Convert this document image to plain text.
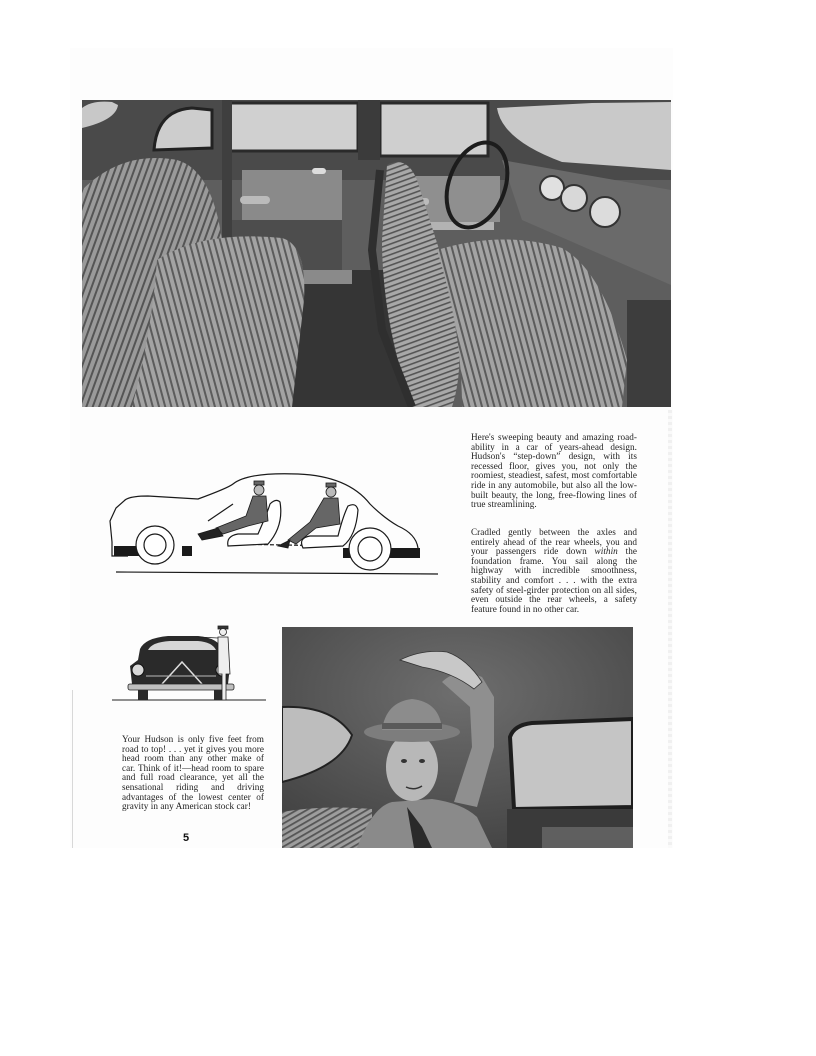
Here's sweeping beauty and amazing road-ability in a car of years-ahead design. Hudson's “step-down” design, with its recessed floor, gives you, not only the roomiest, steadiest, safest, most comfortable ride in any automobile, but also all the low-built beauty, the long, free-flowing lines of true streamlining.
Cradled gently between the axles and entirely ahead of the rear wheels, you and your passengers ride down within the foundation frame. You sail along the highway with incredible smoothness, stability and comfort . . . with the extra safety of steel-girder protection on all sides, even outside the rear wheels, a safety feature found in no other car.
Your Hudson is only five feet from road to top! . . . yet it gives you more head room than any other make of car. Think of it!—head room to spare and full road clearance, yet all the sensational riding and driving advantages of the lowest center of gravity in any American stock car!
5
